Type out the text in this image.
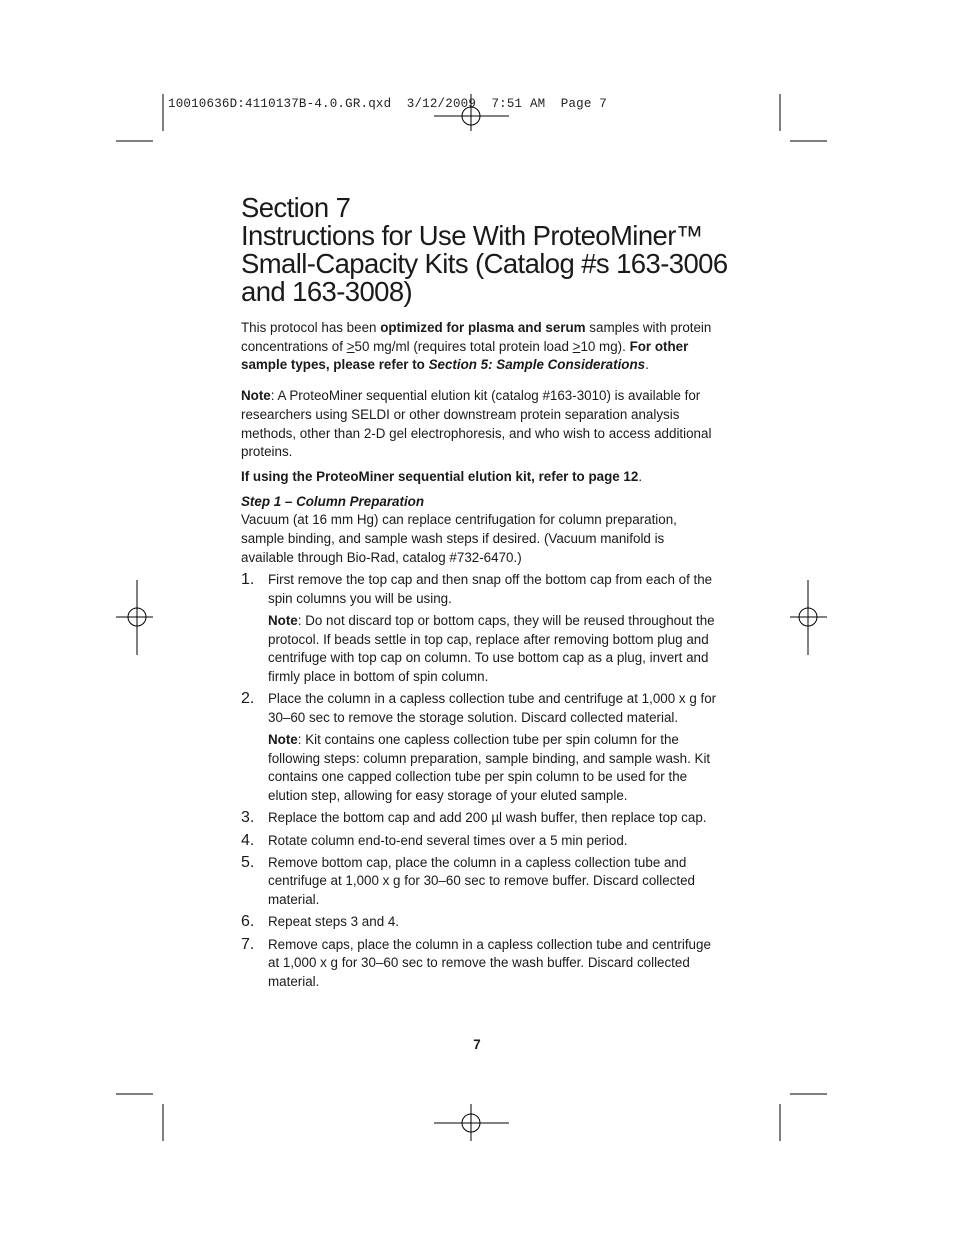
10010636D:4110137B-4.0.GR.qxd  3/12/2009  7:51 AM  Page 7
Section 7
Instructions for Use With ProteoMiner™
Small-Capacity Kits (Catalog #s 163-3006
and 163-3008)

This protocol has been optimized for plasma and serum samples with protein concentrations of >50 mg/ml (requires total protein load >10 mg). For other sample types, please refer to Section 5: Sample Considerations.

Note: A ProteoMiner sequential elution kit (catalog #163-3010) is available for researchers using SELDI or other downstream protein separation analysis methods, other than 2-D gel electrophoresis, and who wish to access additional proteins.

If using the ProteoMiner sequential elution kit, refer to page 12.

Step 1 – Column Preparation

Vacuum (at 16 mm Hg) can replace centrifugation for column preparation, sample binding, and sample wash steps if desired. (Vacuum manifold is available through Bio-Rad, catalog #732-6470.)

1. First remove the top cap and then snap off the bottom cap from each of the spin columns you will be using.

Note: Do not discard top or bottom caps, they will be reused throughout the protocol. If beads settle in top cap, replace after removing bottom plug and centrifuge with top cap on column. To use bottom cap as a plug, invert and firmly place in bottom of spin column.

2. Place the column in a capless collection tube and centrifuge at 1,000 x g for 30–60 sec to remove the storage solution. Discard collected material.

Note: Kit contains one capless collection tube per spin column for the following steps: column preparation, sample binding, and sample wash. Kit contains one capped collection tube per spin column to be used for the elution step, allowing for easy storage of your eluted sample.

3. Replace the bottom cap and add 200 µl wash buffer, then replace top cap.

4. Rotate column end-to-end several times over a 5 min period.

5. Remove bottom cap, place the column in a capless collection tube and centrifuge at 1,000 x g for 30–60 sec to remove buffer. Discard collected material.

6. Repeat steps 3 and 4.

7. Remove caps, place the column in a capless collection tube and centrifuge at 1,000 x g for 30–60 sec to remove the wash buffer. Discard collected material.

7
